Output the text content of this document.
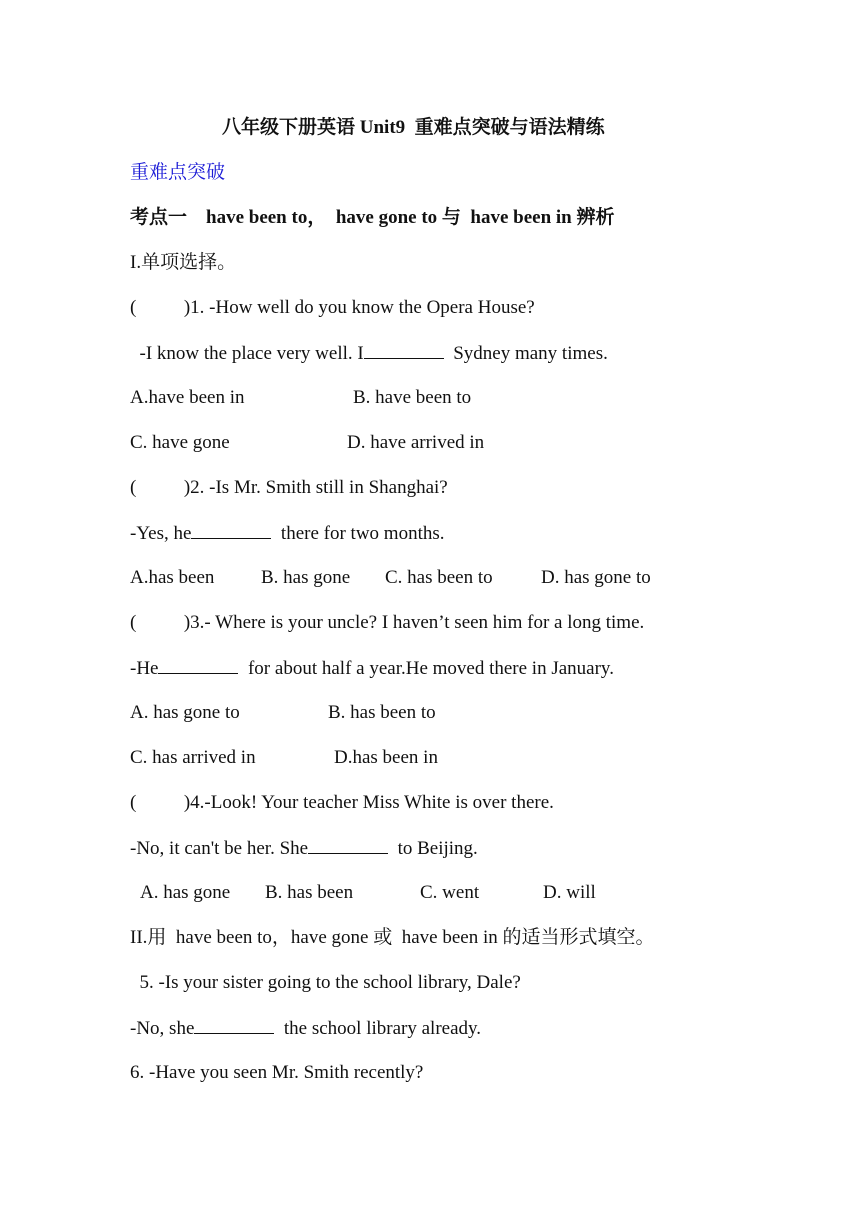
八年级下册英语 Unit9  重难点突破与语法精练
重难点突破
考点一    have been to，  have gone to 与  have been in 辨析
I.单项选择。
(          )1. -How well do you know the Opera House?
-I know the place very well. I	Sydney many times.
A.have been in	B. have been to
C. have gone	D. have arrived in
(          )2. -Is Mr. Smith still in Shanghai?
-Yes, he	there for two months.
A.has been B. has gone C. has been to	D. has gone to
(          )3.- Where is your uncle? I haven’t seen him for a long time.
-He	for about half a year.He moved there in January.
A. has gone to	B. has been to
C. has arrived in	D.has been in
(          )4.-Look! Your teacher Miss White is over there.
-No, it can't be her. She	to Beijing.
A. has gone B. has been	C. went	D. will
II.用  have been to，have gone 或  have been in 的适当形式填空。
5. -Is your sister going to the school library, Dale?
-No, she	the school library already.
6. -Have you seen Mr. Smith recently?
